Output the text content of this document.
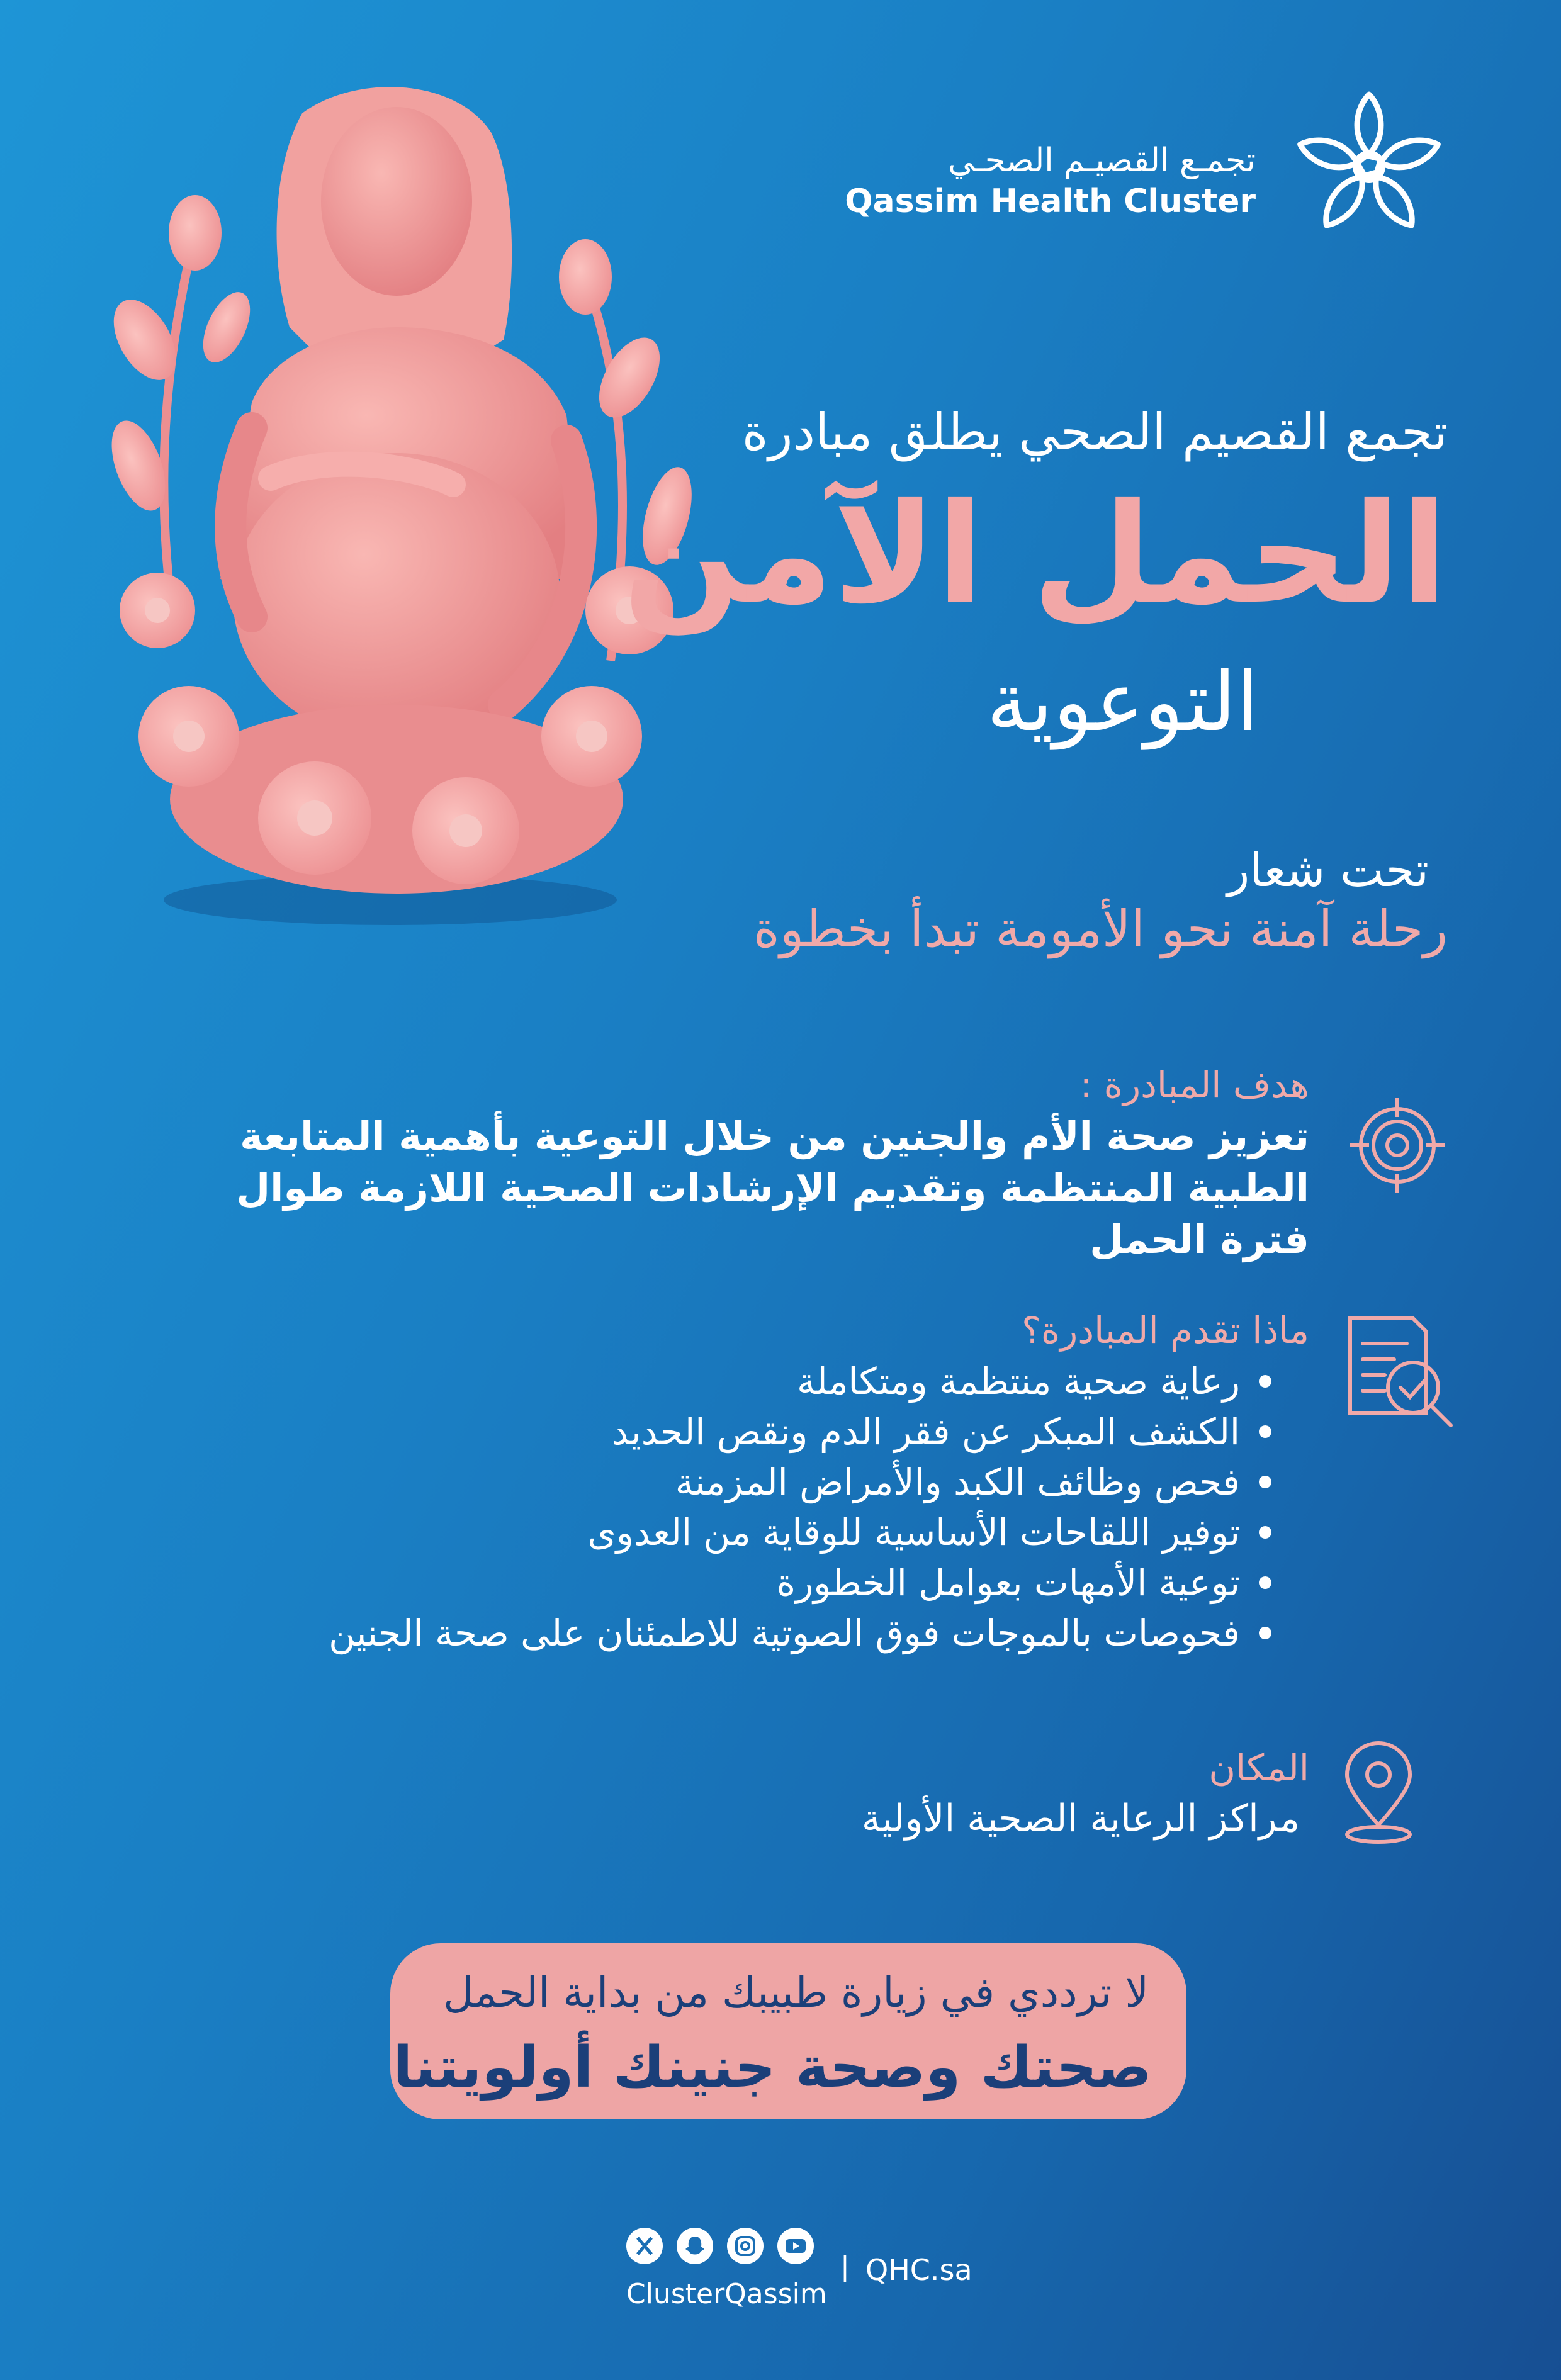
تجمـع القصيـم الصحـي
Qassim Health Cluster
تجمع القصيم الصحي يطلق مبادرة
الحمل الآمن
التوعوية
تحت شعار
رحلة آمنة نحو الأمومة تبدأ بخطوة
هدف المبادرة :
تعزيز صحة الأم والجنين من خلال التوعية بأهمية المتابعة الطبية المنتظمة وتقديم الإرشادات الصحية اللازمة طوال فترة الحمل
ماذا تقدم المبادرة؟
رعاية صحية منتظمة ومتكاملة
الكشف المبكر عن فقر الدم ونقص الحديد
فحص وظائف الكبد والأمراض المزمنة
توفير اللقاحات الأساسية للوقاية من العدوى
توعية الأمهات بعوامل الخطورة
فحوصات بالموجات فوق الصوتية للاطمئنان على صحة الجنين
المكان
مراكز الرعاية الصحية الأولية
لا ترددي في زيارة طبيبك من بداية الحمل
صحتك وصحة جنينك أولويتنا
ClusterQassim
| QHC.sa
